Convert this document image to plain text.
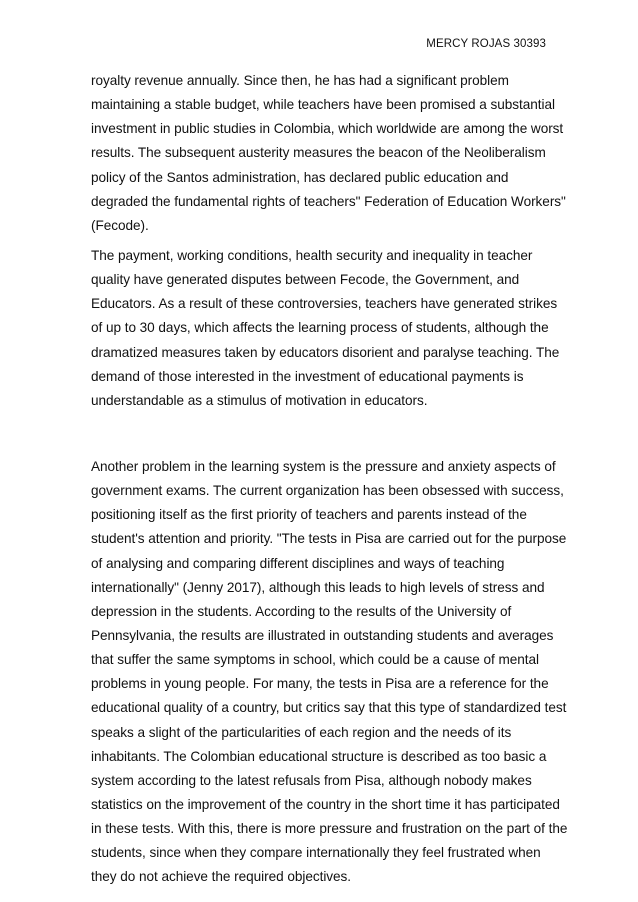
MERCY ROJAS 30393
royalty revenue annually. Since then, he has had a significant problem
maintaining a stable budget, while teachers have been promised a substantial
investment in public studies in Colombia, which worldwide are among the worst
results. The subsequent austerity measures the beacon of the Neoliberalism
policy of the Santos administration, has declared public education and
degraded the fundamental rights of teachers" Federation of Education Workers"
(Fecode).
The payment, working conditions, health security and inequality in teacher
quality have generated disputes between Fecode, the Government, and
Educators. As a result of these controversies, teachers have generated strikes
of up to 30 days, which affects the learning process of students, although the
dramatized measures taken by educators disorient and paralyse teaching. The
demand of those interested in the investment of educational payments is
understandable as a stimulus of motivation in educators.
Another problem in the learning system is the pressure and anxiety aspects of
government exams. The current organization has been obsessed with success,
positioning itself as the first priority of teachers and parents instead of the
student's attention and priority. "The tests in Pisa are carried out for the purpose
of analysing and comparing different disciplines and ways of teaching
internationally" (Jenny 2017), although this leads to high levels of stress and
depression in the students. According to the results of the University of
Pennsylvania, the results are illustrated in outstanding students and averages
that suffer the same symptoms in school, which could be a cause of mental
problems in young people. For many, the tests in Pisa are a reference for the
educational quality of a country, but critics say that this type of standardized test
speaks a slight of the particularities of each region and the needs of its
inhabitants. The Colombian educational structure is described as too basic a
system according to the latest refusals from Pisa, although nobody makes
statistics on the improvement of the country in the short time it has participated
in these tests. With this, there is more pressure and frustration on the part of the
students, since when they compare internationally they feel frustrated when
they do not achieve the required objectives.
